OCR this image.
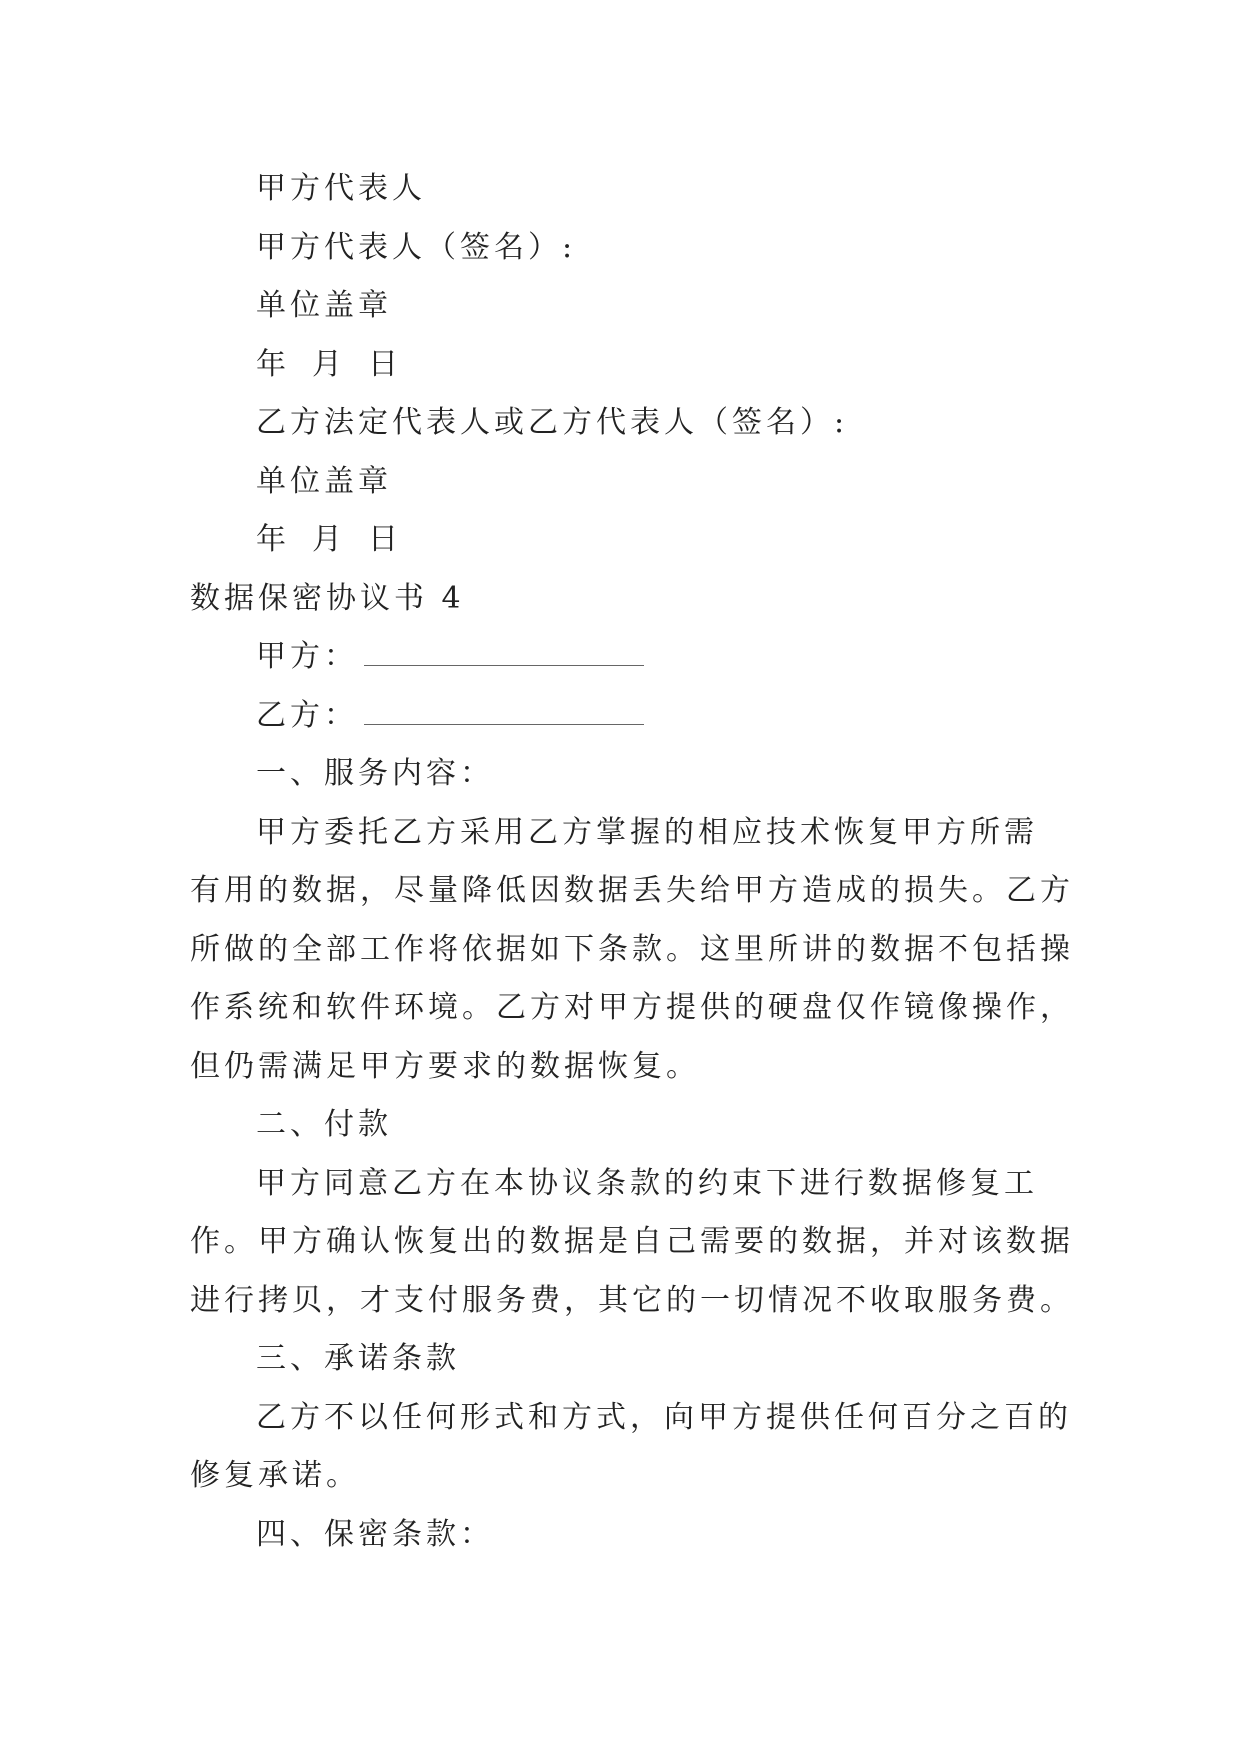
甲方代表人
甲方代表人（签名）:
单位盖章
年 月 日
乙方法定代表人或乙方代表人（签名）:
单位盖章
年 月 日
数据保密协议书 4
甲方：
乙方：
一、服务内容：
甲方委托乙方采用乙方掌握的相应技术恢复甲方所需
有用的数据，尽量降低因数据丢失给甲方造成的损失。乙方
所做的全部工作将依据如下条款。这里所讲的数据不包括操
作系统和软件环境。乙方对甲方提供的硬盘仅作镜像操作，
但仍需满足甲方要求的数据恢复。
二、付款
甲方同意乙方在本协议条款的约束下进行数据修复工
作。甲方确认恢复出的数据是自己需要的数据，并对该数据
进行拷贝，才支付服务费，其它的一切情况不收取服务费。
三、承诺条款
乙方不以任何形式和方式，向甲方提供任何百分之百的
修复承诺。
四、保密条款：
